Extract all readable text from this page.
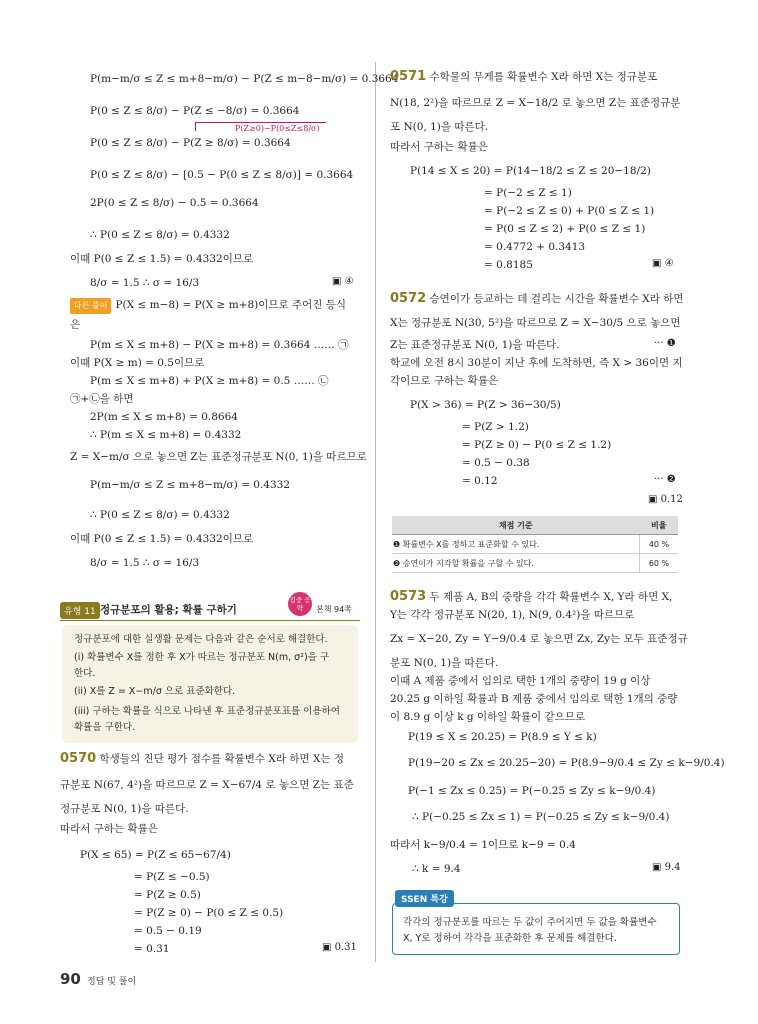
P(m−m/σ ≤ Z ≤ m+8−m/σ) − P(Z ≤ m−8−m/σ) = 0.3664
P(0 ≤ Z ≤ 8/σ) − P(Z ≤ −8/σ) = 0.3664
P(Z≥0)−P(0≤Z≤8/σ)
P(0 ≤ Z ≤ 8/σ) − P(Z ≥ 8/σ) = 0.3664
P(0 ≤ Z ≤ 8/σ) − [0.5 − P(0 ≤ Z ≤ 8/σ)] = 0.3664
2P(0 ≤ Z ≤ 8/σ) − 0.5 = 0.3664
∴ P(0 ≤ Z ≤ 8/σ) = 0.4332
이때 P(0 ≤ Z ≤ 1.5) = 0.4332이므로
8/σ = 1.5 ∴ σ = 16/3	▣ ④
다른 풀이 P(X ≤ m−8) = P(X ≥ m+8)이므로 주어진 등식
은
P(m ≤ X ≤ m+8) − P(X ≥ m+8) = 0.3664 …… ㉠
이때 P(X ≥ m) = 0.5이므로
P(m ≤ X ≤ m+8) + P(X ≥ m+8) = 0.5 …… ㉡
㉠+㉡을 하면
2P(m ≤ X ≤ m+8) = 0.8664
∴ P(m ≤ X ≤ m+8) = 0.4332
Z = X−m/σ 으로 놓으면 Z는 표준정규분포 N(0, 1)을 따르므로
P(m−m/σ ≤ Z ≤ m+8−m/σ) = 0.4332
∴ P(0 ≤ Z ≤ 8/σ) = 0.4332
이때 P(0 ≤ Z ≤ 1.5) = 0.4332이므로
8/σ = 1.5 ∴ σ = 16/3
유형 11 정규분포의 활용; 확률 구하기
집중 공략	본책 94쪽
정규분포에 대한 실생활 문제는 다음과 같은 순서로 해결한다.
(i) 확률변수 X를 정한 후 X가 따르는 정규분포 N(m, σ²)을 구
한다.
(ii) X를 Z = X−m/σ 으로 표준화한다.
(iii) 구하는 확률을 식으로 나타낸 후 표준정규분포표를 이용하여
확률을 구한다.
0570 학생들의 진단 평가 점수를 확률변수 X라 하면 X는 정
규분포 N(67, 4²)을 따르므로 Z = X−67/4 로 놓으면 Z는 표준
정규분포 N(0, 1)을 따른다.
따라서 구하는 확률은
P(X ≤ 65) = P(Z ≤ 65−67/4)
= P(Z ≤ −0.5)
= P(Z ≥ 0.5)
= P(Z ≥ 0) − P(0 ≤ Z ≤ 0.5)
= 0.5 − 0.19
= 0.31	▣ 0.31
0571 수학물의 무게를 확률변수 X라 하면 X는 정규분포
N(18, 2²)을 따르므로 Z = X−18/2 로 놓으면 Z는 표준정규분
포 N(0, 1)을 따른다.
따라서 구하는 확률은
P(14 ≤ X ≤ 20) = P(14−18/2 ≤ Z ≤ 20−18/2)
= P(−2 ≤ Z ≤ 1)
= P(−2 ≤ Z ≤ 0) + P(0 ≤ Z ≤ 1)
= P(0 ≤ Z ≤ 2) + P(0 ≤ Z ≤ 1)
= 0.4772 + 0.3413
= 0.8185	▣ ④
0572 승연이가 등교하는 데 걸리는 시간을 확률변수 X라 하면
X는 정규분포 N(30, 5²)을 따르므로 Z = X−30/5 으로 놓으면
Z는 표준정규분포 N(0, 1)을 따른다.	··· ❶
학교에 오전 8시 30분이 지난 후에 도착하면, 즉 X > 36이면 지
각이므로 구하는 확률은
P(X > 36) = P(Z > 36−30/5)
= P(Z > 1.2)
= P(Z ≥ 0) − P(0 ≤ Z ≤ 1.2)
= 0.5 − 0.38
= 0.12	··· ❷
▣ 0.12
채점 기준	비율
❶ 확률변수 X를 정하고 표준화할 수 있다.	40 %
❷ 승연이가 지각할 확률을 구할 수 있다.	60 %
0573 두 제품 A, B의 중량을 각각 확률변수 X, Y라 하면 X,
Y는 각각 정규분포 N(20, 1), N(9, 0.4²)을 따르므로
Zx = X−20, Zy = Y−9/0.4 로 놓으면 Zx, Zy는 모두 표준정규
분포 N(0, 1)을 따른다.
이때 A 제품 중에서 임의로 택한 1개의 중량이 19 g 이상
20.25 g 이하일 확률과 B 제품 중에서 임의로 택한 1개의 중량
이 8.9 g 이상 k g 이하일 확률이 같으므로
P(19 ≤ X ≤ 20.25) = P(8.9 ≤ Y ≤ k)
P(19−20 ≤ Zx ≤ 20.25−20) = P(8.9−9/0.4 ≤ Zy ≤ k−9/0.4)
P(−1 ≤ Zx ≤ 0.25) = P(−0.25 ≤ Zy ≤ k−9/0.4)
∴ P(−0.25 ≤ Zx ≤ 1) = P(−0.25 ≤ Zy ≤ k−9/0.4)
따라서 k−9/0.4 = 1이므로 k−9 = 0.4
∴ k = 9.4	▣ 9.4
SSEN 특강
각각의 정규분포를 따르는 두 값이 주어지면 두 값을 확률변수
X, Y로 정하여 각각을 표준화한 후 문제를 해결한다.
90 정답 및 풀이
